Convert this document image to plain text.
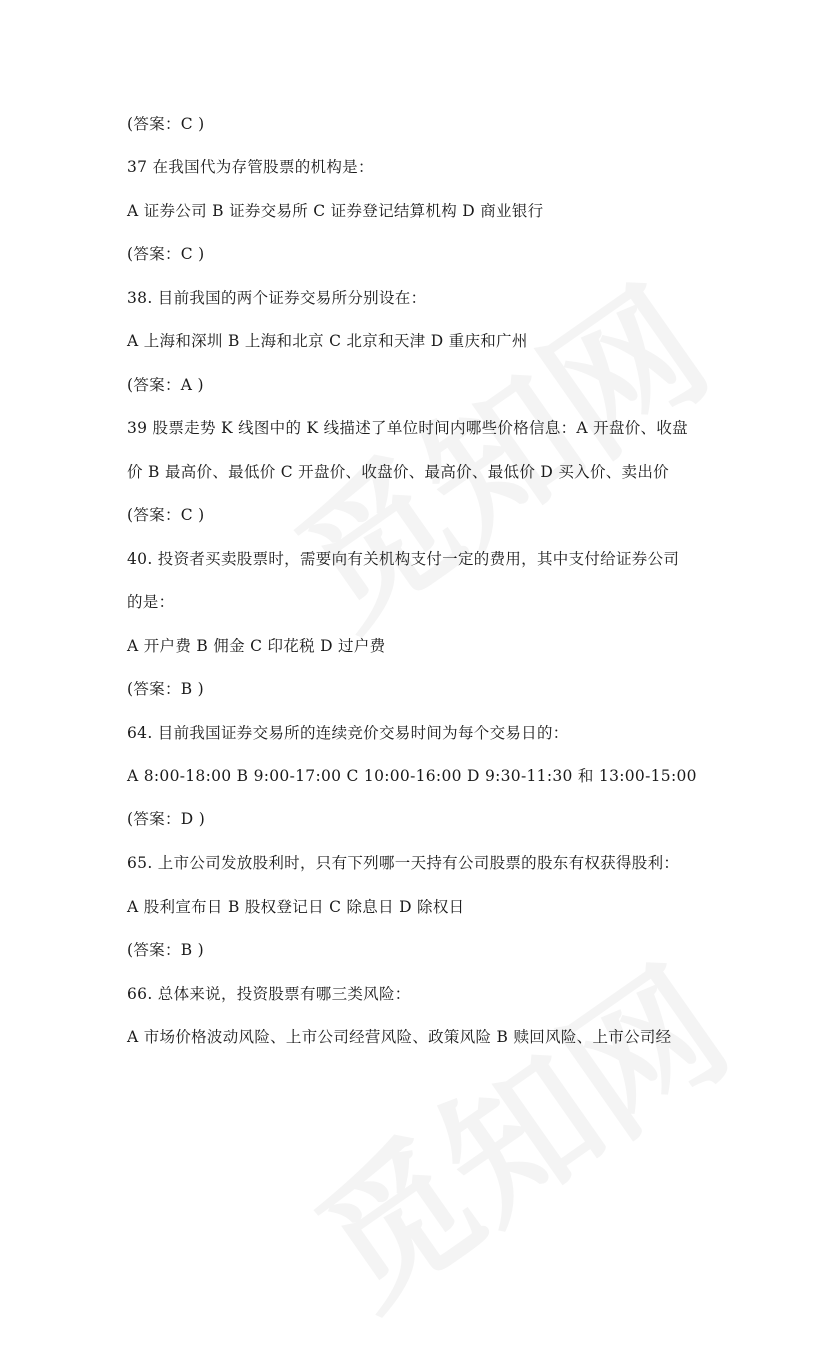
(答案：C )
37 在我国代为存管股票的机构是：
A 证券公司 B 证券交易所 C 证券登记结算机构 D 商业银行
(答案：C )
38. 目前我国的两个证券交易所分别设在：
A 上海和深圳 B 上海和北京 C 北京和天津 D 重庆和广州
(答案：A )
39 股票走势 K 线图中的 K 线描述了单位时间内哪些价格信息：A 开盘价、收盘
价 B 最高价、最低价 C 开盘价、收盘价、最高价、最低价 D 买入价、卖出价
(答案：C )
40. 投资者买卖股票时，需要向有关机构支付一定的费用，其中支付给证券公司
的是：
A 开户费 B 佣金 C 印花税 D 过户费
(答案：B )
64. 目前我国证券交易所的连续竞价交易时间为每个交易日的：
A 8:00-18:00 B 9:00-17:00 C 10:00-16:00 D 9:30-11:30 和 13:00-15:00
(答案：D )
65. 上市公司发放股利时，只有下列哪一天持有公司股票的股东有权获得股利：
A 股利宣布日 B 股权登记日 C 除息日 D 除权日
(答案：B )
66. 总体来说，投资股票有哪三类风险：
A 市场价格波动风险、上市公司经营风险、政策风险 B 赎回风险、上市公司经
